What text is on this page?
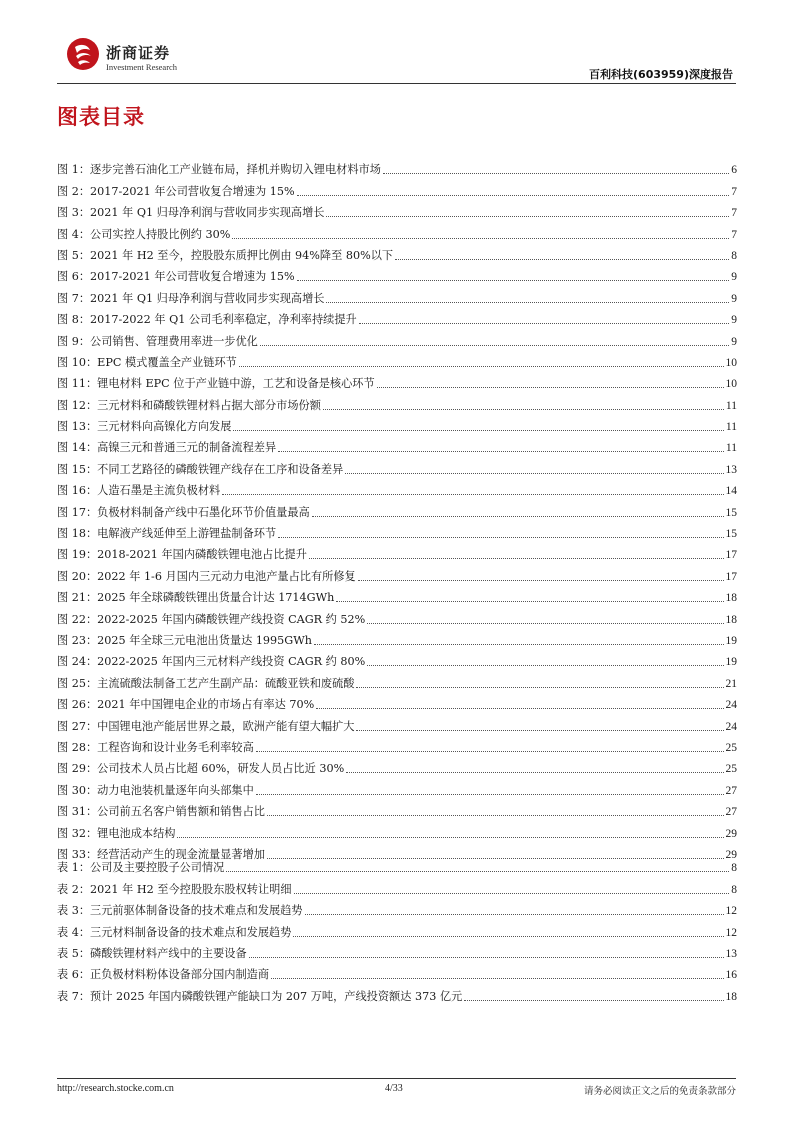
浙商证券
Investment Research
百利科技(603959)深度报告
图表目录
图 1：逐步完善石油化工产业链布局，择机并购切入锂电材料市场	6
图 2：2017-2021 年公司营收复合增速为 15%	7
图 3：2021 年 Q1 归母净利润与营收同步实现高增长	7
图 4：公司实控人持股比例约 30%	7
图 5：2021 年 H2 至今，控股股东质押比例由 94%降至 80%以下	8
图 6：2017-2021 年公司营收复合增速为 15%	9
图 7：2021 年 Q1 归母净利润与营收同步实现高增长	9
图 8：2017-2022 年 Q1 公司毛利率稳定，净利率持续提升	9
图 9：公司销售、管理费用率进一步优化	9
图 10：EPC 模式覆盖全产业链环节	10
图 11：锂电材料 EPC 位于产业链中游，工艺和设备是核心环节	10
图 12：三元材料和磷酸铁锂材料占据大部分市场份额	11
图 13：三元材料向高镍化方向发展	11
图 14：高镍三元和普通三元的制备流程差异	11
图 15：不同工艺路径的磷酸铁锂产线存在工序和设备差异	13
图 16：人造石墨是主流负极材料	14
图 17：负极材料制备产线中石墨化环节价值量最高	15
图 18：电解液产线延伸至上游锂盐制备环节	15
图 19：2018-2021 年国内磷酸铁锂电池占比提升	17
图 20：2022 年 1-6 月国内三元动力电池产量占比有所修复	17
图 21：2025 年全球磷酸铁锂出货量合计达 1714GWh	18
图 22：2022-2025 年国内磷酸铁锂产线投资 CAGR 约 52%	18
图 23：2025 年全球三元电池出货量达 1995GWh	19
图 24：2022-2025 年国内三元材料产线投资 CAGR 约 80%	19
图 25：主流硫酸法制备工艺产生副产品：硫酸亚铁和废硫酸	21
图 26：2021 年中国锂电企业的市场占有率达 70%	24
图 27：中国锂电池产能居世界之最，欧洲产能有望大幅扩大	24
图 28：工程咨询和设计业务毛利率较高	25
图 29：公司技术人员占比超 60%，研发人员占比近 30%	25
图 30：动力电池装机量逐年向头部集中	27
图 31：公司前五名客户销售额和销售占比	27
图 32：锂电池成本结构	29
图 33：经营活动产生的现金流量显著增加	29
表 1：公司及主要控股子公司情况	8
表 2：2021 年 H2 至今控股股东股权转让明细	8
表 3：三元前驱体制备设备的技术难点和发展趋势	12
表 4：三元材料制备设备的技术难点和发展趋势	12
表 5：磷酸铁锂材料产线中的主要设备	13
表 6：正负极材料粉体设备部分国内制造商	16
表 7：预计 2025 年国内磷酸铁锂产能缺口为 207 万吨，产线投资额达 373 亿元	18
http://research.stocke.com.cn	4/33	请务必阅读正文之后的免责条款部分
